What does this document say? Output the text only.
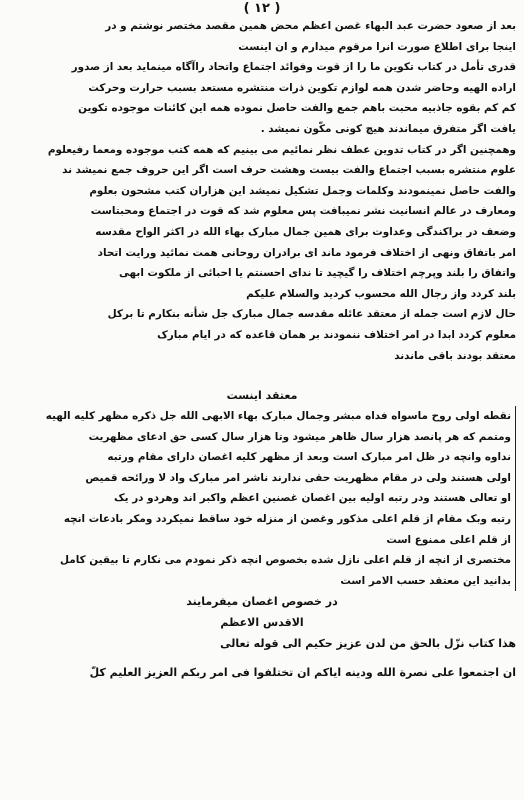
( ۱۲ )
بعد از صعود حضرت عبد البهاء غصن اعظم محض همین مقصد مختصر نوشتم و در
اینجا برای اطلاع صورت انرا مرقوم میدارم و ان اینست
قدری تأمل در کتاب تکوین ما را از قوت وفوائد اجتماع واتحاد راآگاه مینماید بعد از صدور
اراده الهیه وحاضر شدن همه لوازم تکوین ذرات منتشره مستعد بسبب حرارت وحرکت
کم کم بقوه جاذبیه محبت باهم جمع والفت حاصل نموده همه این کائنات موجوده تکوین
یافت اگر متفرق میماندند هیچ کونی مکّون نمیشد .
وهمچنین اگر در کتاب تدوین عطف نظر نمائیم می بینیم که همه کتب موجوده ومعما رفیعلوم
علوم منتشره بسبب اجتماع والفت بیست وهشت حرف است اگر این حروف جمع نمیشد ند
والفت حاصل نمینمودند وکلمات وجمل تشکیل نمیشد این هزاران کتب مشحون بعلوم
ومعارف در عالم انسانیت نشر نمیبافت پس معلوم شد که قوت در اجتماع ومحبتاست
وضعف در براکندگی وعداوت برای همین جمال مبارک بهاء الله در اکثر الواح مقدسه
امر باتفاق ونهی از اختلاف فرمود ماند ای برادران روحانی همت نمائید ورایت اتحاد
واتفاق را بلند وپرچم اختلاف را گیچید تا ندای احسنتم یا احبائی از ملکوت ابهی
بلند کردد واز رجال الله محسوب کردید والسلام علیکم
حال لازم است جمله از معتقد عائله مقدسه جمال مبارک جل شأنه بنکارم تا برکل
معلوم کردد ابدا در امر اختلاف ننمودند بر همان قاعده که در ایام مبارک
معتقد بودند باقی ماندند
معتقد اینست
نقطه اولی روح ماسواه فداه مبشر وجمال مبارک بهاء الابهی الله جل ذکره مظهر کلیه الهیه
ومتمم که هر پانصد هزار سال ظاهر میشود وتا هزار سال کسی حق ادعای مظهریت
نداوه وانچه در ظل امر مبارک است وبعد از مظهر کلیه اغصان دارای مقام ورتبه
اولی هستند ولی در مقام مظهریت حقی ندارند ناشر امر مبارک واد لا ورائحه قمیص
او تعالی هستند ودر رتبه اولیه بین اغصان غصنین اعظم واکبر اند وهردو در یک
رتبه وبک مقام از قلم اعلی مذکور وغصن از منزله خود ساقط نمیکردد ومکر بادعات انچه
از قلم اعلی ممنوع است
مختصری از انچه از قلم اعلی نازل شده بخصوص انچه ذکر نمودم می نکارم تا بیقین کامل
بدانید این معتقد حسب الامر است
در خصوص اغصان میفرمایند
الاقدس الاعظم
هذا کتاب نزّل بالحق من لدن عزیز حکیم الی قوله تعالی
ان اجتمعوا علی نصرة الله ودینه ایاکم ان تختلفوا فی امر ربکم العزیز العلیم کلّ
